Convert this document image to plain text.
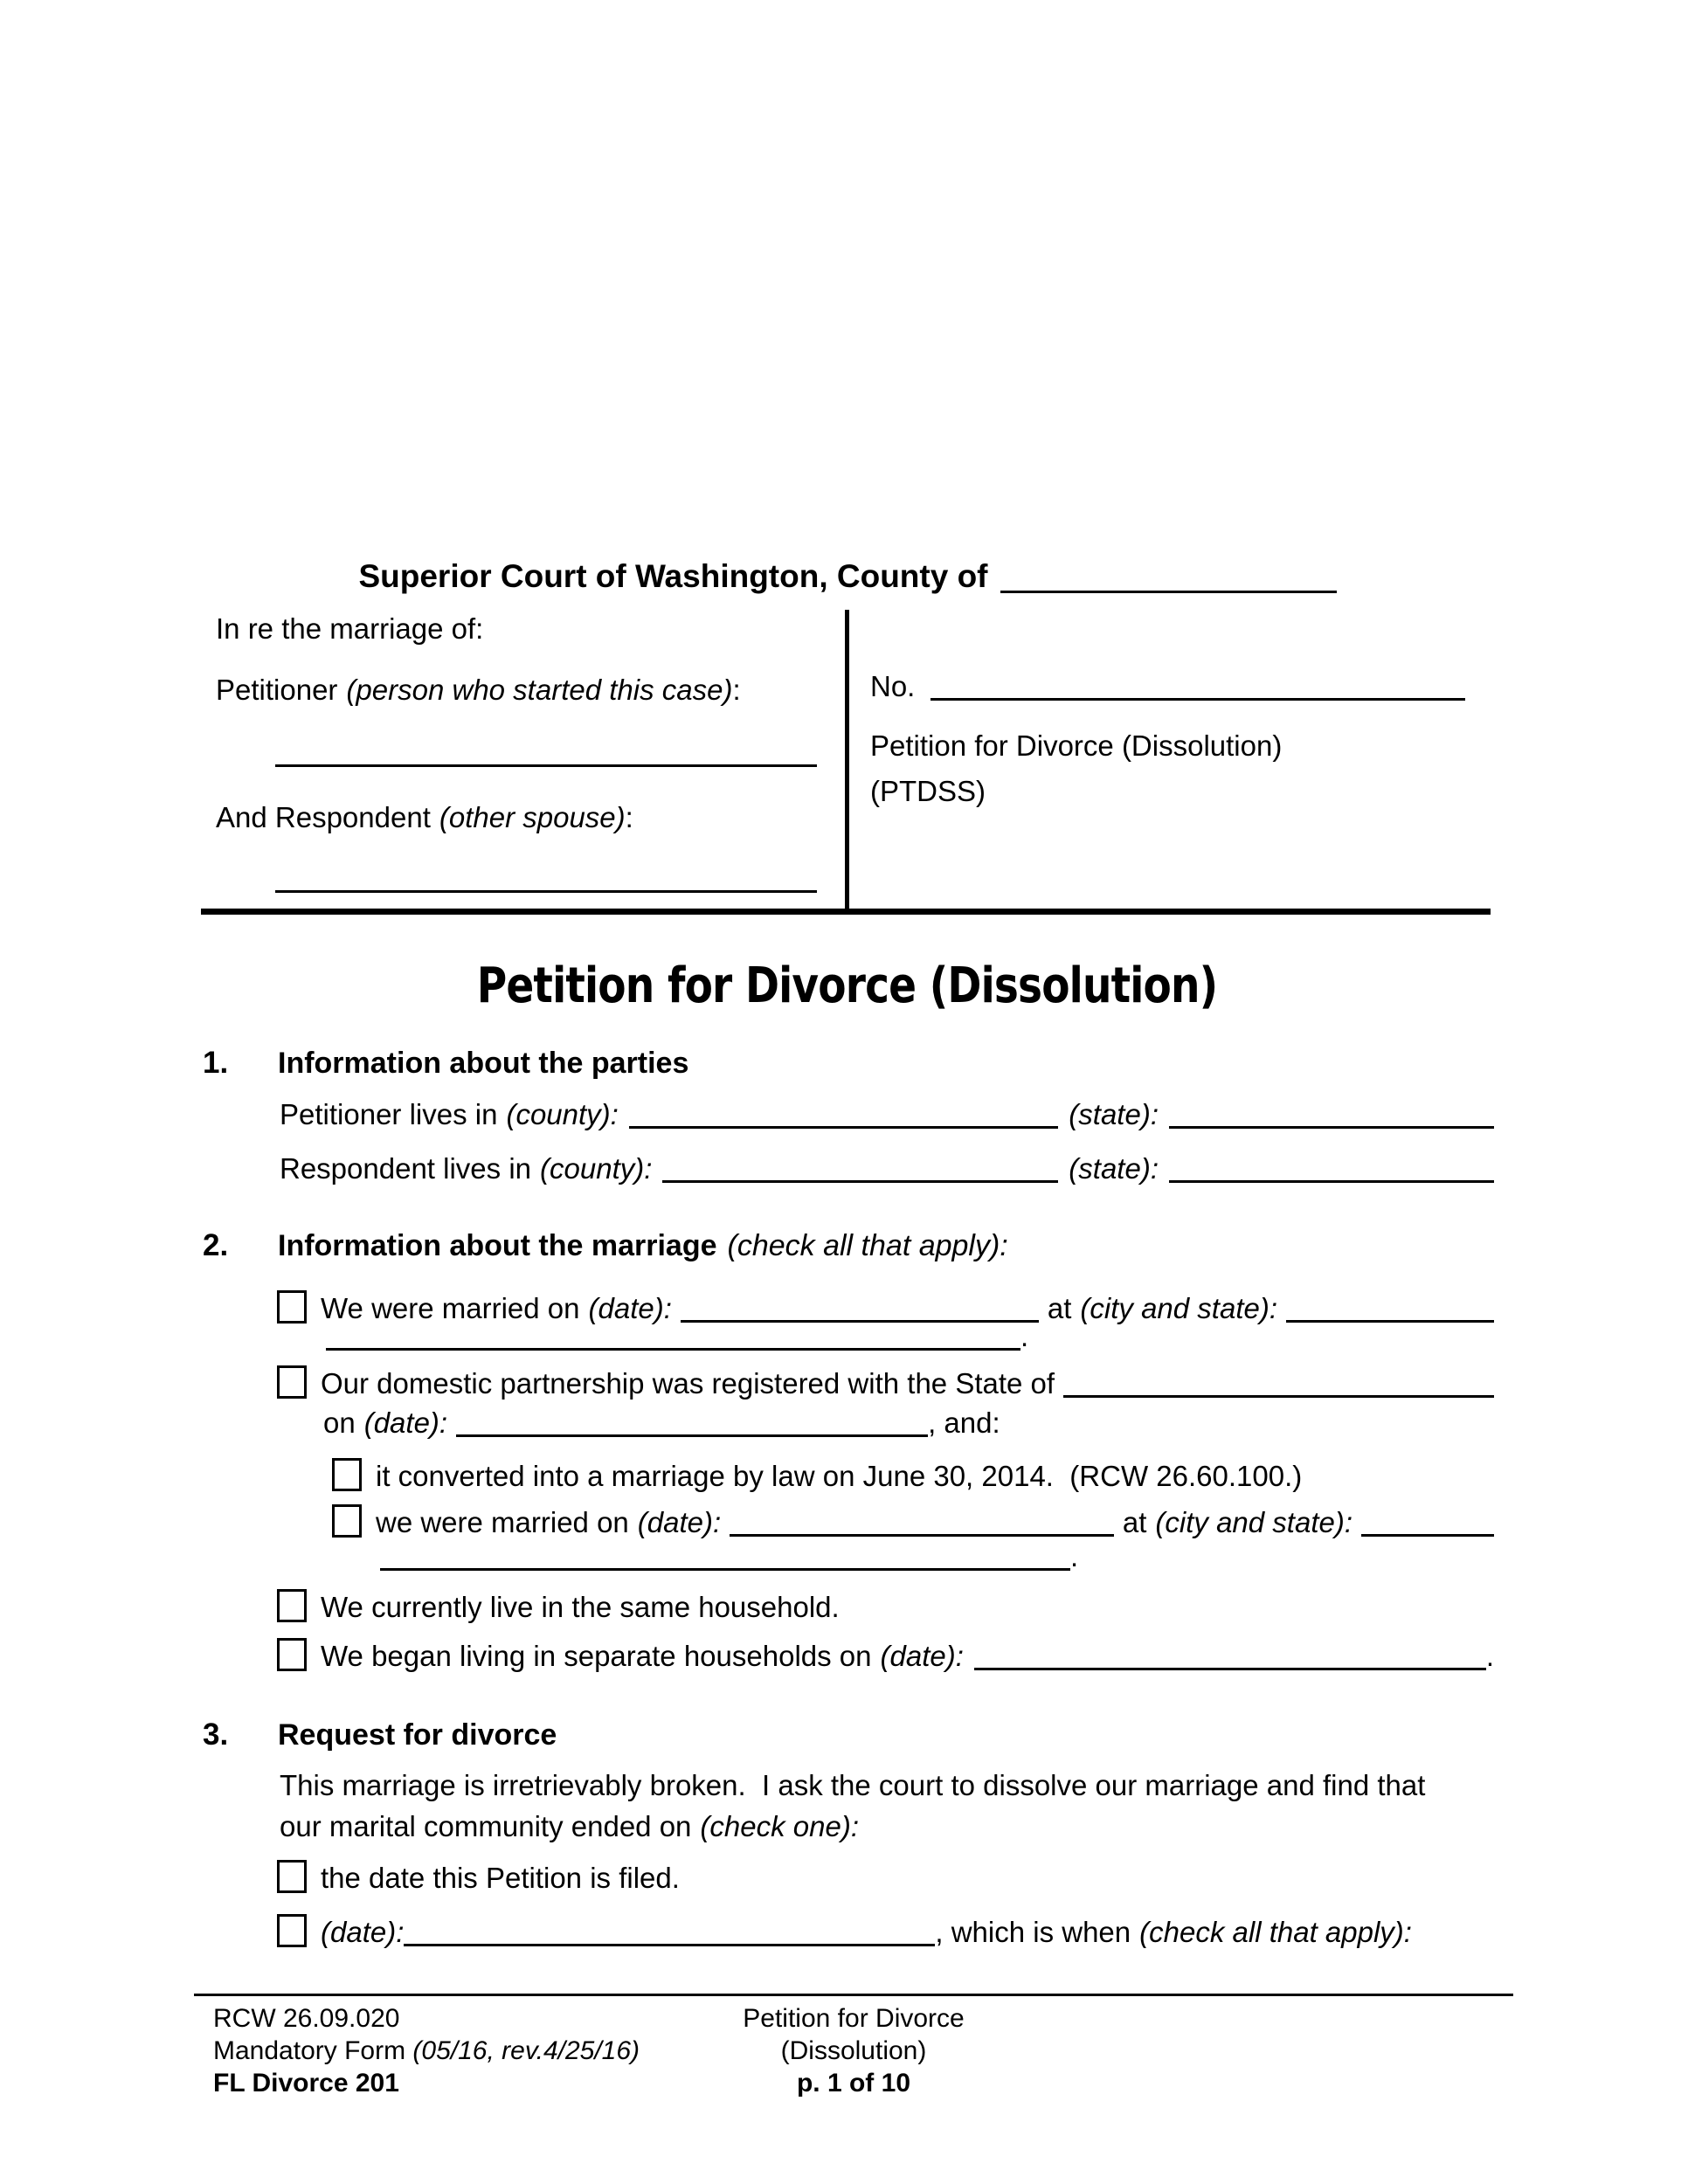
Superior Court of Washington, County of
In re the marriage of:
Petitioner (person who started this case) :
And Respondent (other spouse) :
No.
Petition for Divorce (Dissolution)
(PTDSS)
Petition for Divorce (Dissolution)
1.	Information about the parties
Petitioner lives in (county):	(state):
Respondent lives in (county):	(state):
2.	Information about the marriage (check all that apply):
We were married on (date):	at (city and state):
.
Our domestic partnership was registered with the State of
on (date):	, and:
it converted into a marriage by law on June 30, 2014.  (RCW 26.60.100.)
we were married on (date):	at (city and state):
.
We currently live in the same household.
We began living in separate households on (date):	.
3.	Request for divorce
This marriage is irretrievably broken.  I ask the court to dissolve our marriage and find that our marital community ended on (check one):
the date this Petition is filed.
(date):	, which is when (check all that apply):
RCW 26.09.020
Mandatory Form (05/16, rev.4/25/16)
FL Divorce 201
Petition for Divorce
(Dissolution)
p. 1 of 10
